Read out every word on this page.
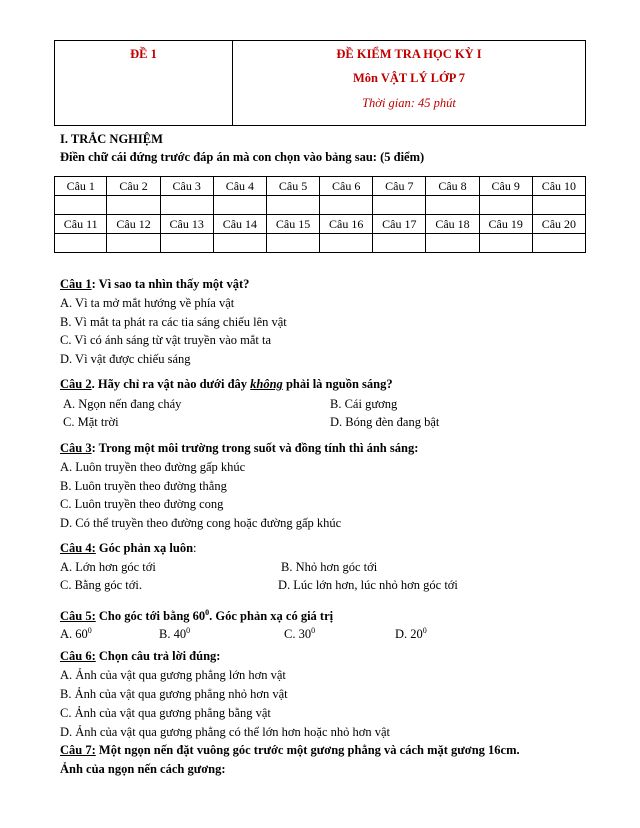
ĐỀ 1	ĐỀ KIỂM TRA HỌC KỲ I
Môn VẬT LÝ LỚP 7
Thời gian: 45 phút
I. TRẮC NGHIỆM
Điền chữ cái đứng trước đáp án mà con chọn vào bảng sau: (5 điểm)
Câu 1	Câu 2	Câu 3	Câu 4	Câu 5	Câu 6	Câu 7	Câu 8	Câu 9	Câu 10

Câu 11	Câu 12	Câu 13	Câu 14	Câu 15	Câu 16	Câu 17	Câu 18	Câu 19	Câu 20

Câu 1: Vì sao ta nhìn thấy một vật?
A. Vì ta mở mắt hướng về phía vật
B. Vì mắt ta phát ra các tia sáng chiếu lên vật
C. Vì có ánh sáng từ vật truyền vào mắt ta
D. Vì vật được chiếu sáng
Câu 2. Hãy chỉ ra vật nào dưới đây không phải là nguồn sáng?
A. Ngọn nến đang cháy	B. Cái gương
C. Mặt trời	D. Bóng đèn đang bật
Câu 3: Trong một môi trường trong suốt và đồng tính thì ánh sáng:
A. Luôn truyền theo đường gấp khúc
B. Luôn truyền theo đường thẳng
C. Luôn truyền theo đường cong
D. Có thể truyền theo đường cong hoặc đường gấp khúc
Câu 4: Góc phản xạ luôn:
A. Lớn hơn góc tới	B. Nhỏ hơn góc tới
C. Bằng góc tới.	D. Lúc lớn hơn, lúc nhỏ hơn góc tới
Câu 5: Cho góc tới bằng $60^0$. Góc phản xạ có giá trị
A. $60^0$	B. $40^0$	C. $30^0$	D. $20^0$
Câu 6: Chọn câu trả lời đúng:
A. Ảnh của vật qua gương phẳng lớn hơn vật
B. Ảnh của vật qua gương phẳng nhỏ hơn vật
C. Ảnh của vật qua gương phẳng bằng vật
D. Ảnh của vật qua gương phẳng có thể lớn hơn hoặc nhỏ hơn vật
Câu 7: Một ngọn nến đặt vuông góc trước một gương phẳng và cách mặt gương 16cm.
Ảnh của ngọn nến cách gương:
